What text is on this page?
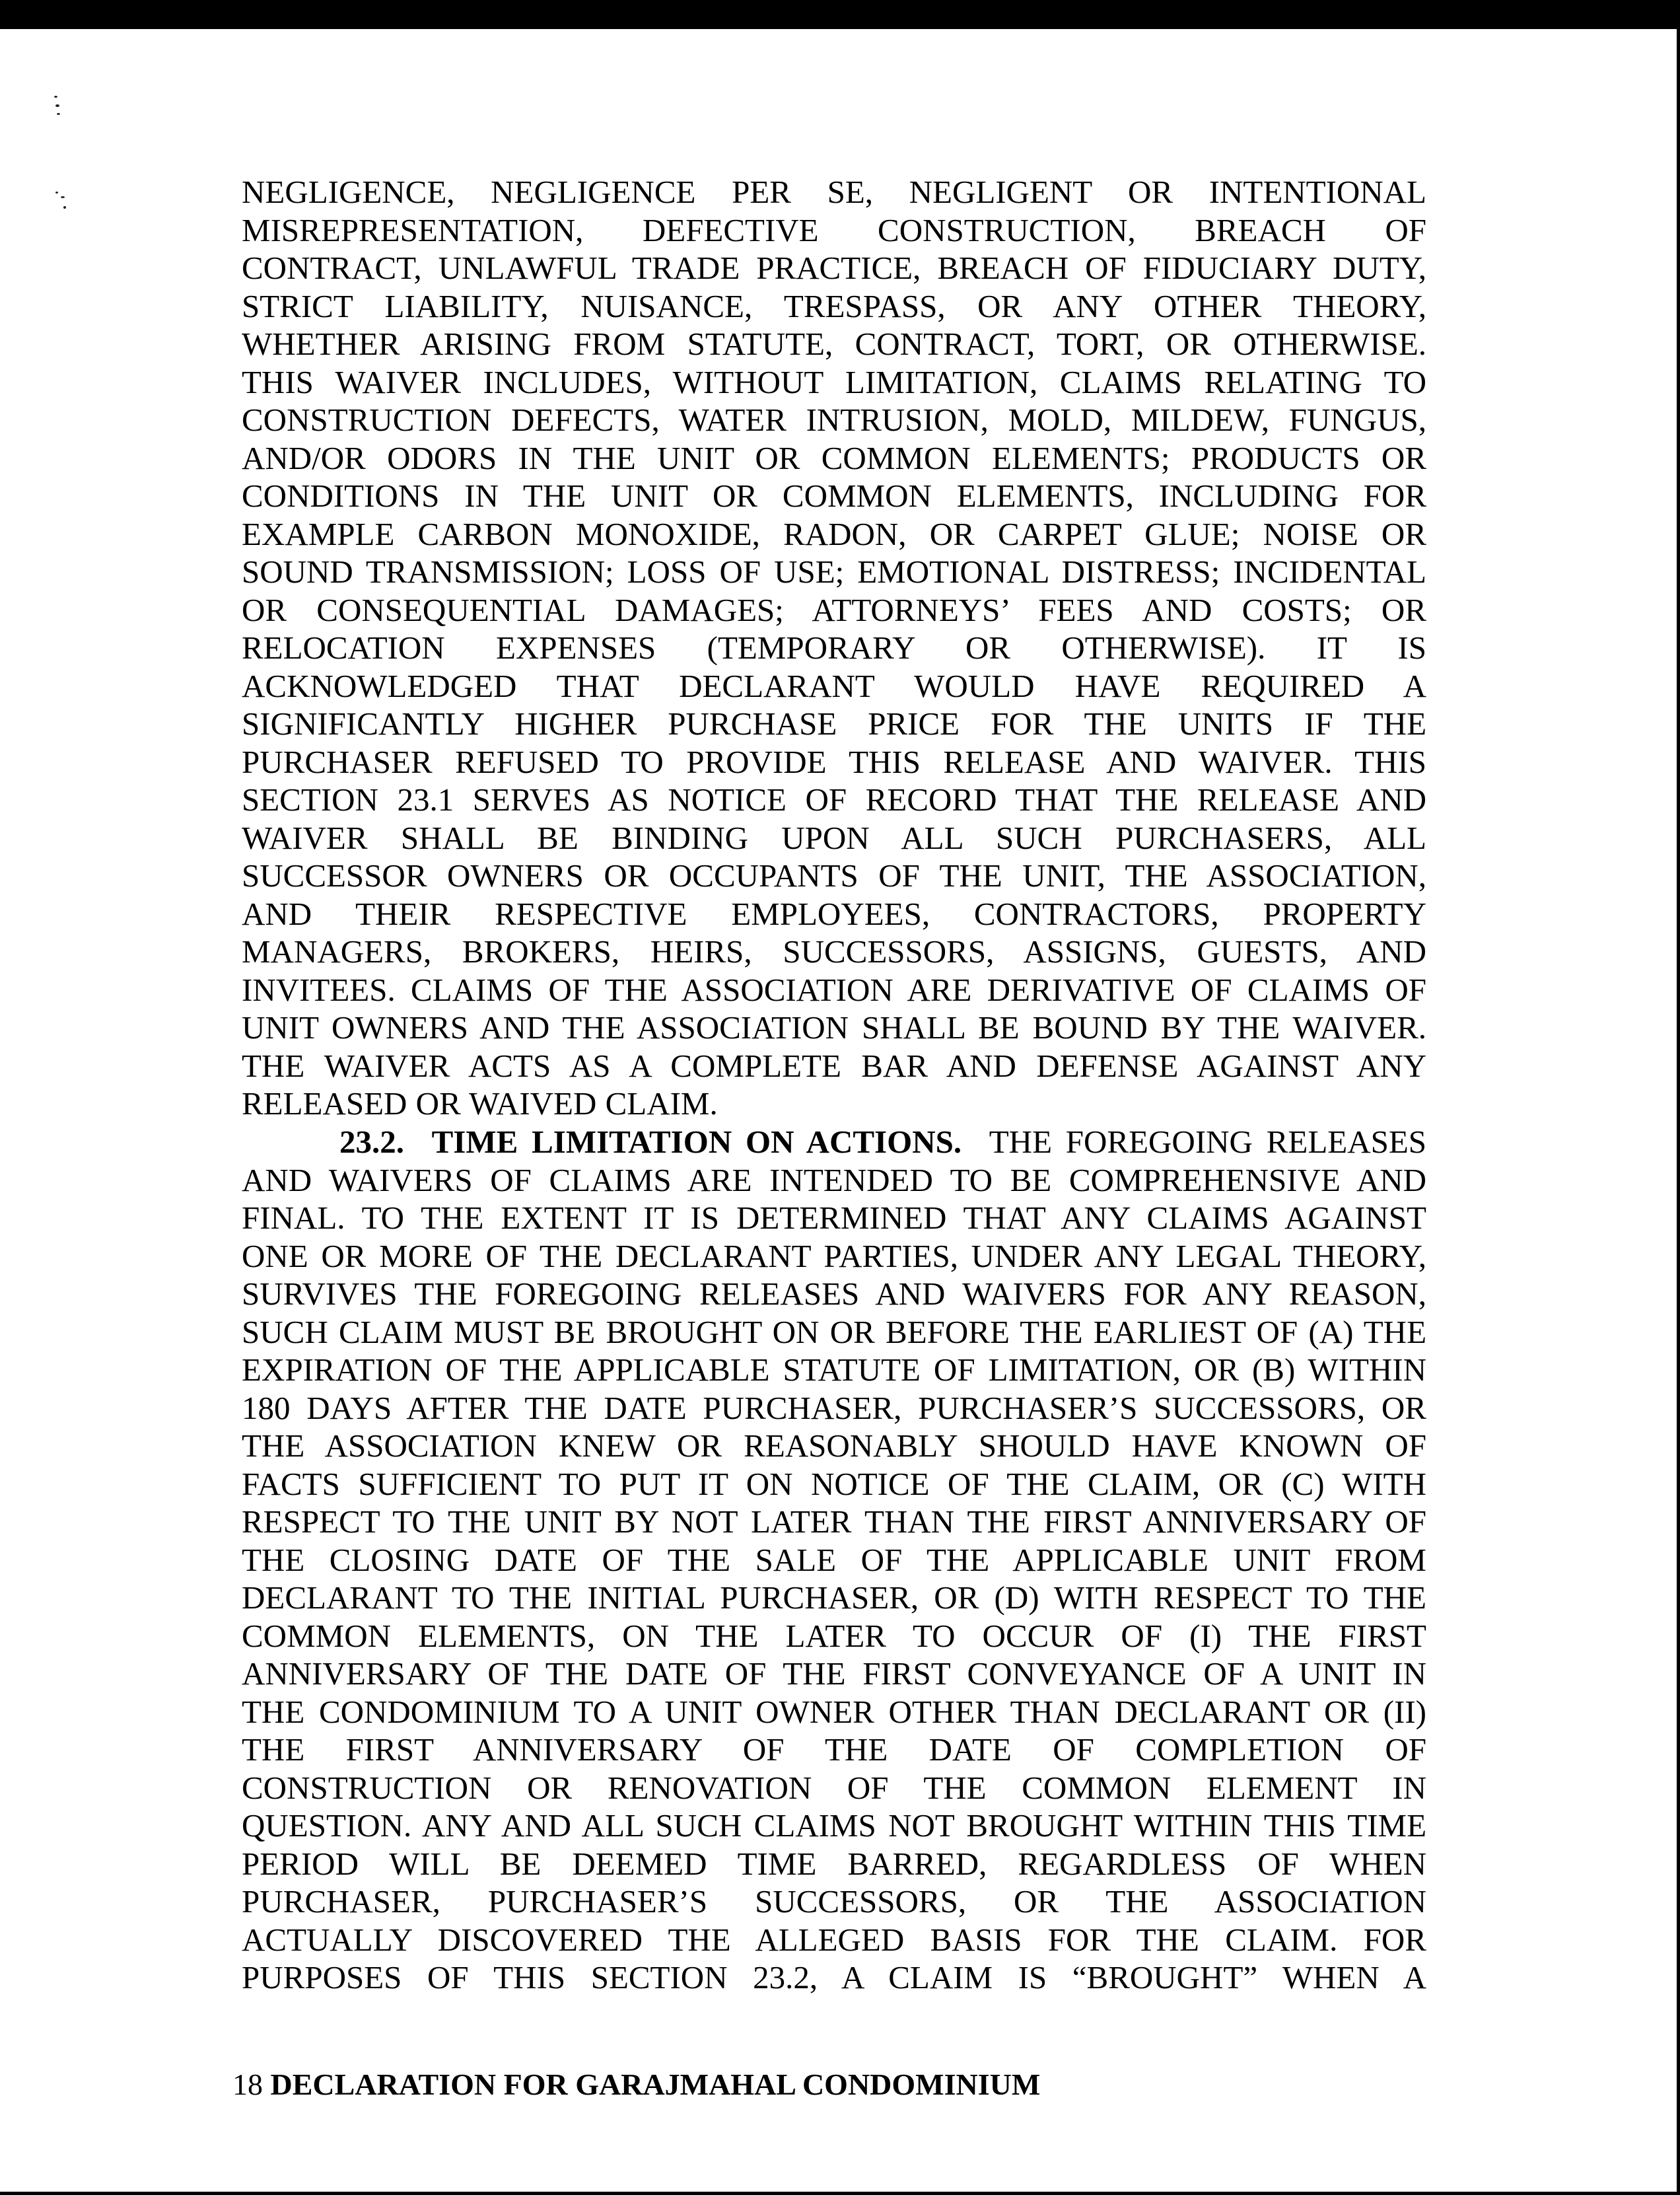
NEGLIGENCE, NEGLIGENCE PER SE, NEGLIGENT OR INTENTIONAL
MISREPRESENTATION, DEFECTIVE CONSTRUCTION, BREACH OF
CONTRACT, UNLAWFUL TRADE PRACTICE, BREACH OF FIDUCIARY DUTY,
STRICT LIABILITY, NUISANCE, TRESPASS, OR ANY OTHER THEORY,
WHETHER ARISING FROM STATUTE, CONTRACT, TORT, OR OTHERWISE.
THIS WAIVER INCLUDES, WITHOUT LIMITATION, CLAIMS RELATING TO
CONSTRUCTION DEFECTS, WATER INTRUSION, MOLD, MILDEW, FUNGUS,
AND/OR ODORS IN THE UNIT OR COMMON ELEMENTS; PRODUCTS OR
CONDITIONS IN THE UNIT OR COMMON ELEMENTS, INCLUDING FOR
EXAMPLE CARBON MONOXIDE, RADON, OR CARPET GLUE; NOISE OR
SOUND TRANSMISSION; LOSS OF USE; EMOTIONAL DISTRESS; INCIDENTAL
OR CONSEQUENTIAL DAMAGES; ATTORNEYS’ FEES AND COSTS; OR
RELOCATION EXPENSES (TEMPORARY OR OTHERWISE). IT IS
ACKNOWLEDGED THAT DECLARANT WOULD HAVE REQUIRED A
SIGNIFICANTLY HIGHER PURCHASE PRICE FOR THE UNITS IF THE
PURCHASER REFUSED TO PROVIDE THIS RELEASE AND WAIVER. THIS
SECTION 23.1 SERVES AS NOTICE OF RECORD THAT THE RELEASE AND
WAIVER SHALL BE BINDING UPON ALL SUCH PURCHASERS, ALL
SUCCESSOR OWNERS OR OCCUPANTS OF THE UNIT, THE ASSOCIATION,
AND THEIR RESPECTIVE EMPLOYEES, CONTRACTORS, PROPERTY
MANAGERS, BROKERS, HEIRS, SUCCESSORS, ASSIGNS, GUESTS, AND
INVITEES. CLAIMS OF THE ASSOCIATION ARE DERIVATIVE OF CLAIMS OF
UNIT OWNERS AND THE ASSOCIATION SHALL BE BOUND BY THE WAIVER.
THE WAIVER ACTS AS A COMPLETE BAR AND DEFENSE AGAINST ANY
RELEASED OR WAIVED CLAIM.
23.2. TIME LIMITATION ON ACTIONS. THE FOREGOING RELEASES
AND WAIVERS OF CLAIMS ARE INTENDED TO BE COMPREHENSIVE AND
FINAL. TO THE EXTENT IT IS DETERMINED THAT ANY CLAIMS AGAINST
ONE OR MORE OF THE DECLARANT PARTIES, UNDER ANY LEGAL THEORY,
SURVIVES THE FOREGOING RELEASES AND WAIVERS FOR ANY REASON,
SUCH CLAIM MUST BE BROUGHT ON OR BEFORE THE EARLIEST OF (A) THE
EXPIRATION OF THE APPLICABLE STATUTE OF LIMITATION, OR (B) WITHIN
180 DAYS AFTER THE DATE PURCHASER, PURCHASER’S SUCCESSORS, OR
THE ASSOCIATION KNEW OR REASONABLY SHOULD HAVE KNOWN OF
FACTS SUFFICIENT TO PUT IT ON NOTICE OF THE CLAIM, OR (C) WITH
RESPECT TO THE UNIT BY NOT LATER THAN THE FIRST ANNIVERSARY OF
THE CLOSING DATE OF THE SALE OF THE APPLICABLE UNIT FROM
DECLARANT TO THE INITIAL PURCHASER, OR (D) WITH RESPECT TO THE
COMMON ELEMENTS, ON THE LATER TO OCCUR OF (I) THE FIRST
ANNIVERSARY OF THE DATE OF THE FIRST CONVEYANCE OF A UNIT IN
THE CONDOMINIUM TO A UNIT OWNER OTHER THAN DECLARANT OR (II)
THE FIRST ANNIVERSARY OF THE DATE OF COMPLETION OF
CONSTRUCTION OR RENOVATION OF THE COMMON ELEMENT IN
QUESTION. ANY AND ALL SUCH CLAIMS NOT BROUGHT WITHIN THIS TIME
PERIOD WILL BE DEEMED TIME BARRED, REGARDLESS OF WHEN
PURCHASER, PURCHASER’S SUCCESSORS, OR THE ASSOCIATION
ACTUALLY DISCOVERED THE ALLEGED BASIS FOR THE CLAIM. FOR
PURPOSES OF THIS SECTION 23.2, A CLAIM IS “BROUGHT” WHEN A
18 DECLARATION FOR GARAJMAHAL CONDOMINIUM
